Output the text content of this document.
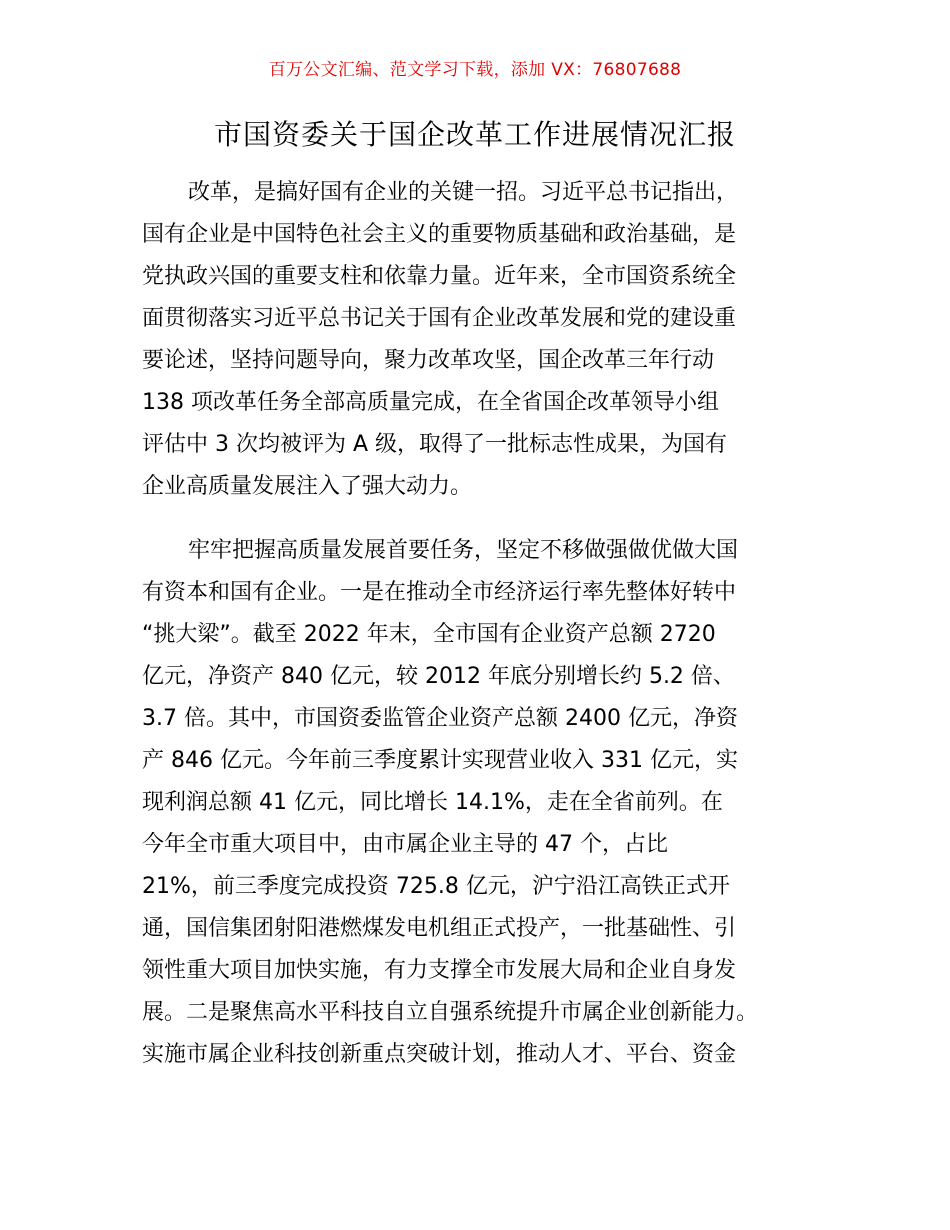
百万公文汇编、范文学习下载，添加 VX：76807688
市国资委关于国企改革工作进展情况汇报
改革，是搞好国有企业的关键一招。习近平总书记指出，
国有企业是中国特色社会主义的重要物质基础和政治基础，是
党执政兴国的重要支柱和依靠力量。近年来，全市国资系统全
面贯彻落实习近平总书记关于国有企业改革发展和党的建设重
要论述，坚持问题导向，聚力改革攻坚，国企改革三年行动
138 项改革任务全部高质量完成，在全省国企改革领导小组
评估中 3 次均被评为 A 级，取得了一批标志性成果，为国有
企业高质量发展注入了强大动力。
牢牢把握高质量发展首要任务，坚定不移做强做优做大国
有资本和国有企业。一是在推动全市经济运行率先整体好转中
“挑大梁”。截至 2022 年末，全市国有企业资产总额 2720
亿元，净资产 840 亿元，较 2012 年底分别增长约 5.2 倍、
3.7 倍。其中，市国资委监管企业资产总额 2400 亿元，净资
产 846 亿元。今年前三季度累计实现营业收入 331 亿元，实
现利润总额 41 亿元，同比增长 14.1%，走在全省前列。在
今年全市重大项目中，由市属企业主导的 47 个，占比
21%，前三季度完成投资 725.8 亿元，沪宁沿江高铁正式开
通，国信集团射阳港燃煤发电机组正式投产，一批基础性、引
领性重大项目加快实施，有力支撑全市发展大局和企业自身发
展。二是聚焦高水平科技自立自强系统提升市属企业创新能力。
实施市属企业科技创新重点突破计划，推动人才、平台、资金
